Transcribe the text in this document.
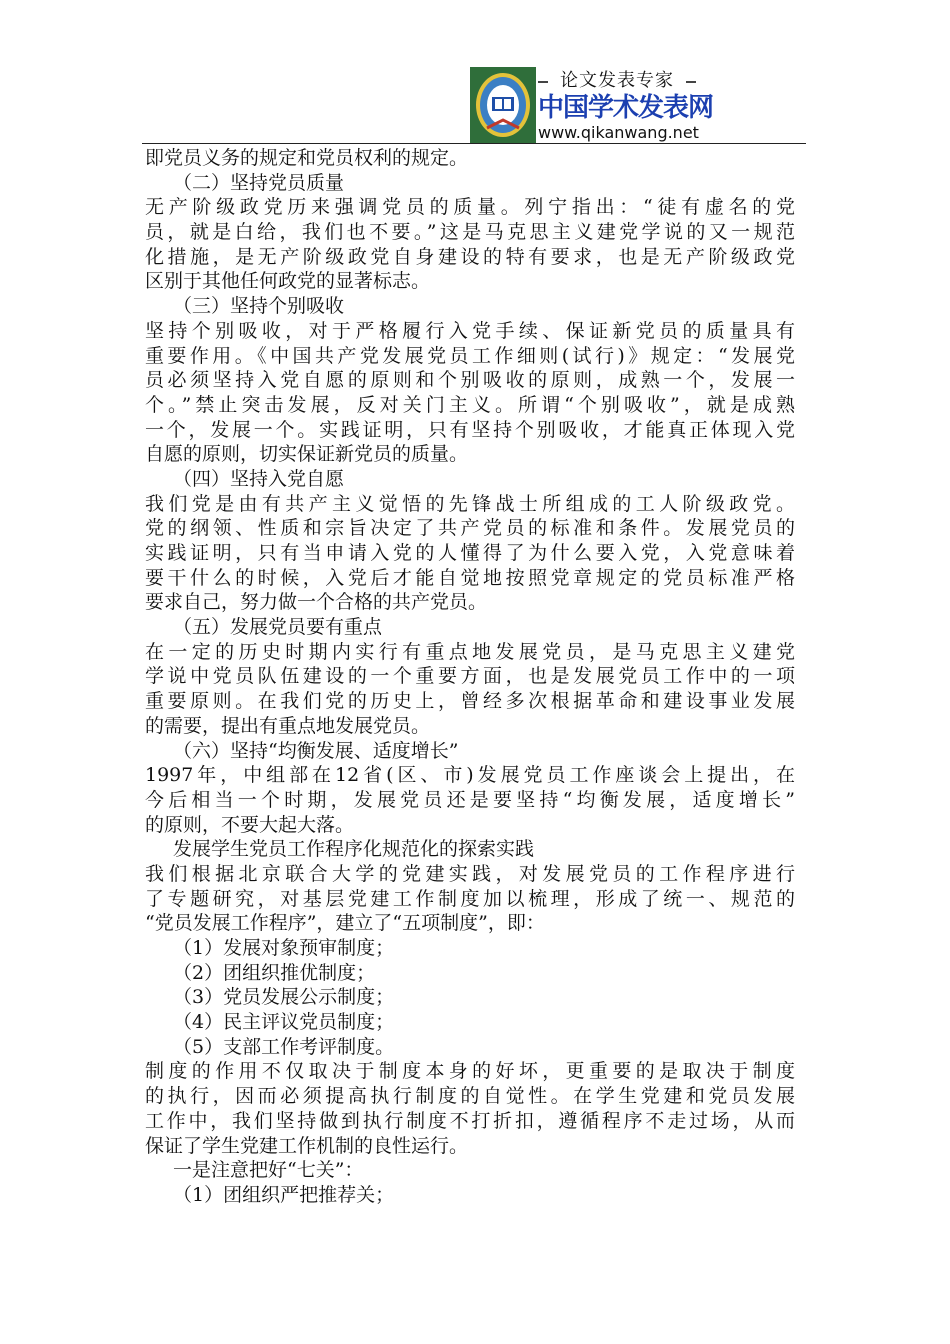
论文发表专家
中国学术发表网
www.qikanwang.net
即党员义务的规定和党员权利的规定。
（二）坚持党员质量
无产阶级政党历来强调党员的质量。列宁指出：“徒有虚名的党
员，就是白给，我们也不要。”这是马克思主义建党学说的又一规范
化措施，是无产阶级政党自身建设的特有要求，也是无产阶级政党
区别于其他任何政党的显著标志。
（三）坚持个别吸收
坚持个别吸收，对于严格履行入党手续、保证新党员的质量具有
重要作用。《中国共产党发展党员工作细则(试行)》规定：“发展党
员必须坚持入党自愿的原则和个别吸收的原则，成熟一个，发展一
个。”禁止突击发展，反对关门主义。所谓“个别吸收”，就是成熟
一个，发展一个。实践证明，只有坚持个别吸收，才能真正体现入党
自愿的原则，切实保证新党员的质量。
（四）坚持入党自愿
我们党是由有共产主义觉悟的先锋战士所组成的工人阶级政党。
党的纲领、性质和宗旨决定了共产党员的标准和条件。发展党员的
实践证明，只有当申请入党的人懂得了为什么要入党，入党意味着
要干什么的时候，入党后才能自觉地按照党章规定的党员标准严格
要求自己，努力做一个合格的共产党员。
（五）发展党员要有重点
在一定的历史时期内实行有重点地发展党员，是马克思主义建党
学说中党员队伍建设的一个重要方面，也是发展党员工作中的一项
重要原则。在我们党的历史上，曾经多次根据革命和建设事业发展
的需要，提出有重点地发展党员。
（六）坚持“均衡发展、适度增长”
1997年，中组部在12省(区、市)发展党员工作座谈会上提出，在
今后相当一个时期，发展党员还是要坚持“均衡发展，适度增长”
的原则，不要大起大落。
发展学生党员工作程序化规范化的探索实践
我们根据北京联合大学的党建实践，对发展党员的工作程序进行
了专题研究，对基层党建工作制度加以梳理，形成了统一、规范的
“党员发展工作程序”，建立了“五项制度”，即：
（1）发展对象预审制度；
（2）团组织推优制度；
（3）党员发展公示制度；
（4）民主评议党员制度；
（5）支部工作考评制度。
制度的作用不仅取决于制度本身的好坏，更重要的是取决于制度
的执行，因而必须提高执行制度的自觉性。在学生党建和党员发展
工作中，我们坚持做到执行制度不打折扣，遵循程序不走过场，从而
保证了学生党建工作机制的良性运行。
一是注意把好“七关”：
（1）团组织严把推荐关；
